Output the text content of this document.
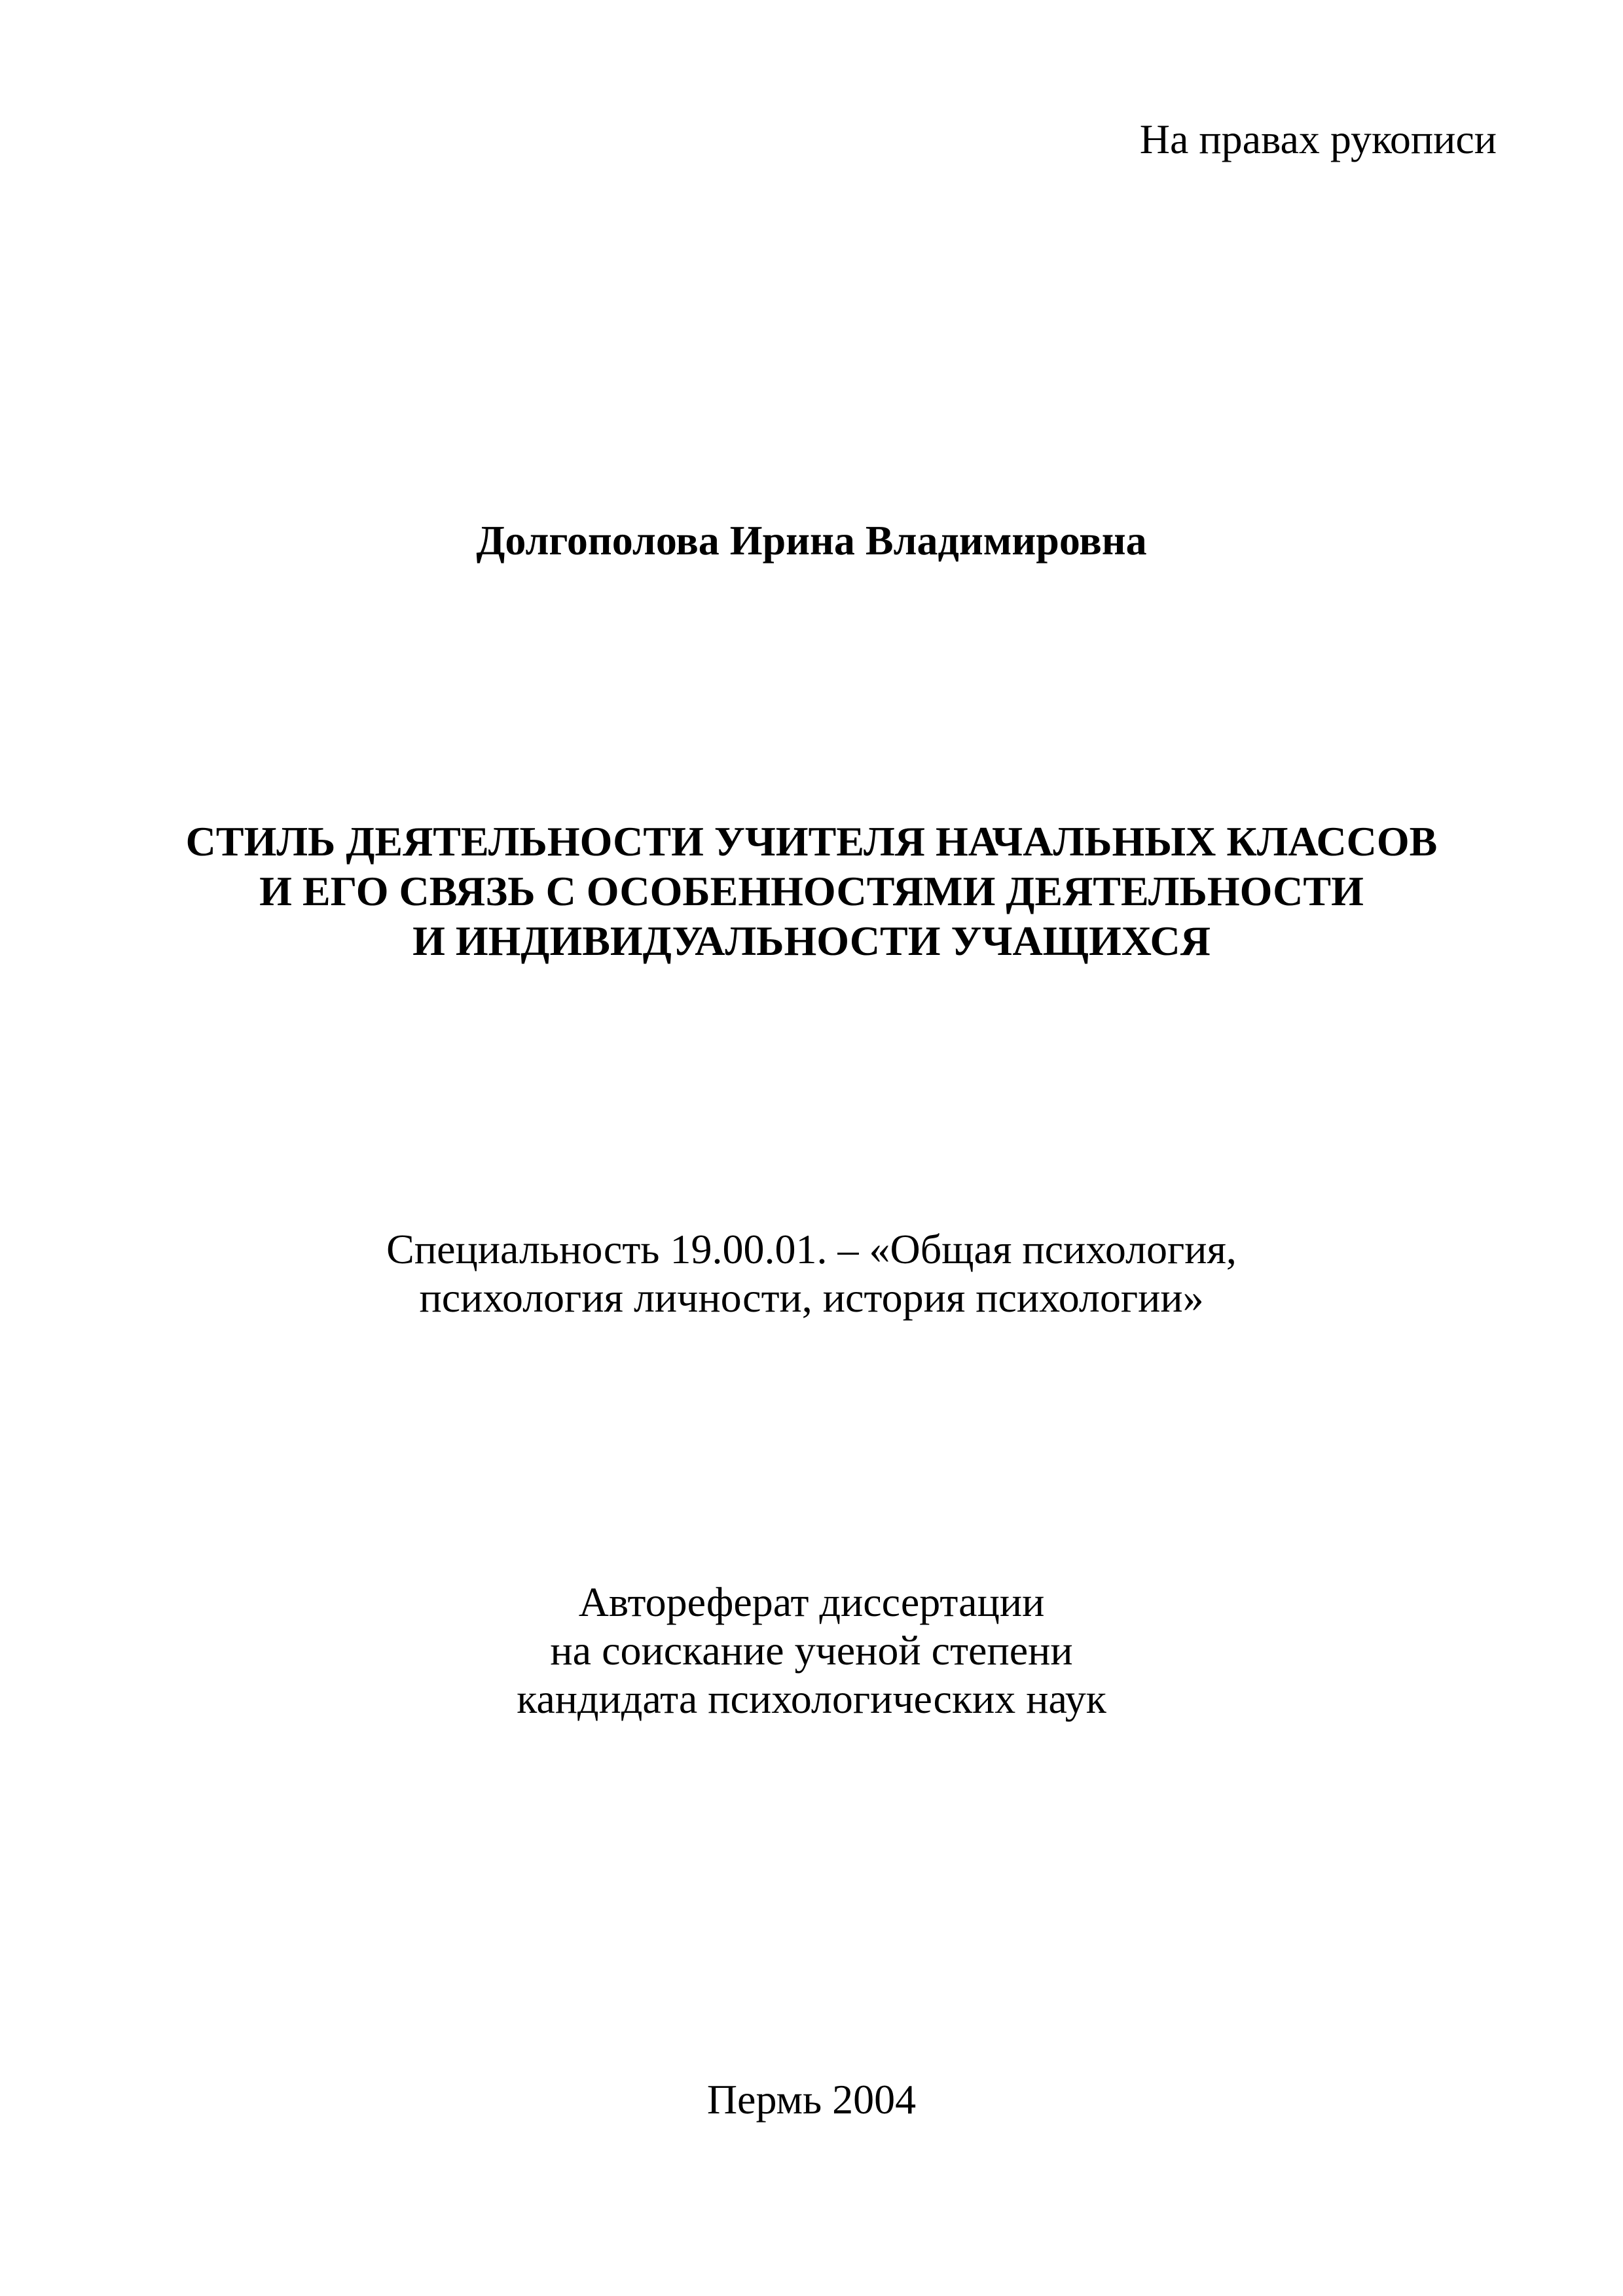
На правах рукописи
Долгополова Ирина Владимировна
СТИЛЬ ДЕЯТЕЛЬНОСТИ УЧИТЕЛЯ НАЧАЛЬНЫХ КЛАССОВ
И ЕГО СВЯЗЬ С ОСОБЕННОСТЯМИ ДЕЯТЕЛЬНОСТИ
И ИНДИВИДУАЛЬНОСТИ УЧАЩИХСЯ
Специальность 19.00.01. – «Общая психология,
психология личности, история психологии»
Автореферат диссертации
на соискание ученой степени
кандидата психологических наук
Пермь 2004
